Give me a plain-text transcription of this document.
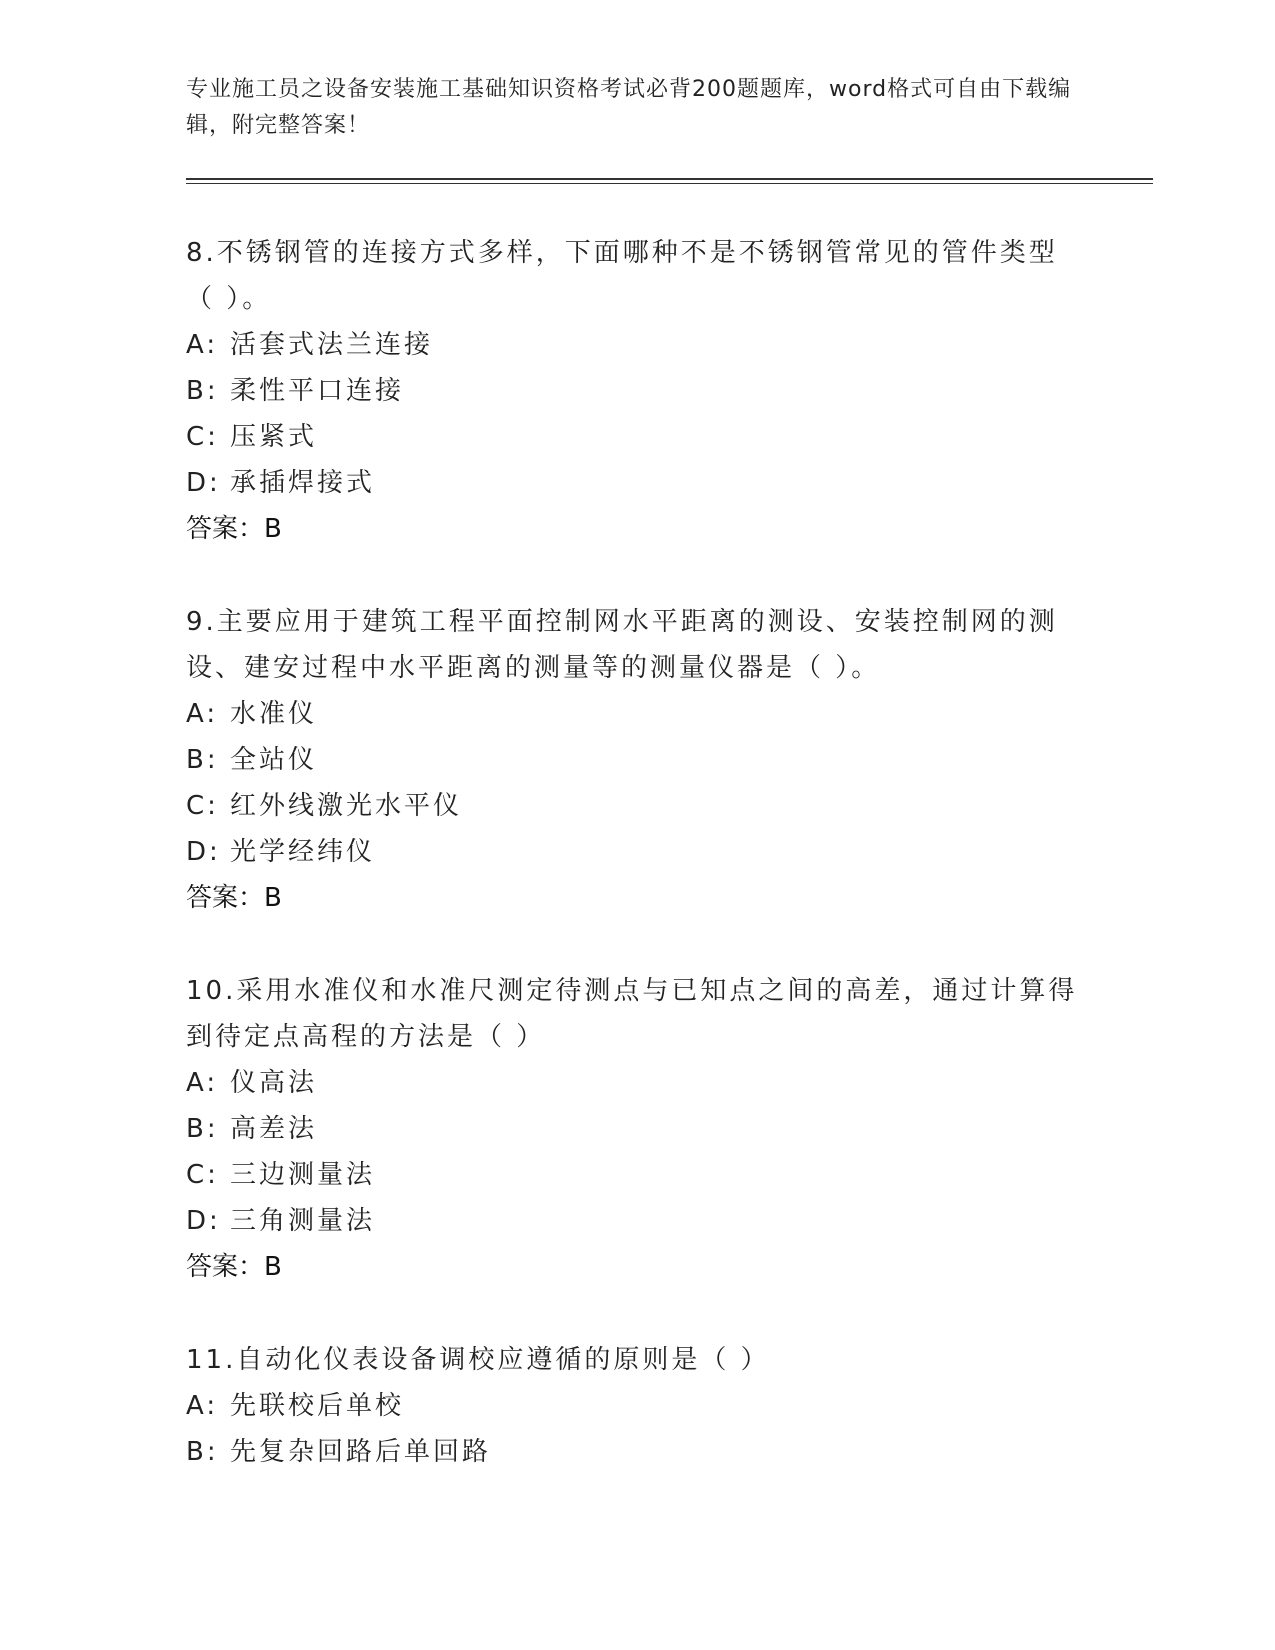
专业施工员之设备安装施工基础知识资格考试必背200题题库，word格式可自由下载编辑，附完整答案！

8.不锈钢管的连接方式多样，下面哪种不是不锈钢管常见的管件类型（ ）。

A: 活套式法兰连接

B: 柔性平口连接

C: 压紧式

D: 承插焊接式

答案：B

9.主要应用于建筑工程平面控制网水平距离的测设、安装控制网的测设、建安过程中水平距离的测量等的测量仪器是（ ）。

A: 水准仪

B: 全站仪

C: 红外线激光水平仪

D: 光学经纬仪

答案：B

10.采用水准仪和水准尺测定待测点与已知点之间的高差，通过计算得到待定点高程的方法是（ ）

A: 仪高法

B: 高差法

C: 三边测量法

D: 三角测量法

答案：B

11.自动化仪表设备调校应遵循的原则是（ ）

A: 先联校后单校

B: 先复杂回路后单回路
